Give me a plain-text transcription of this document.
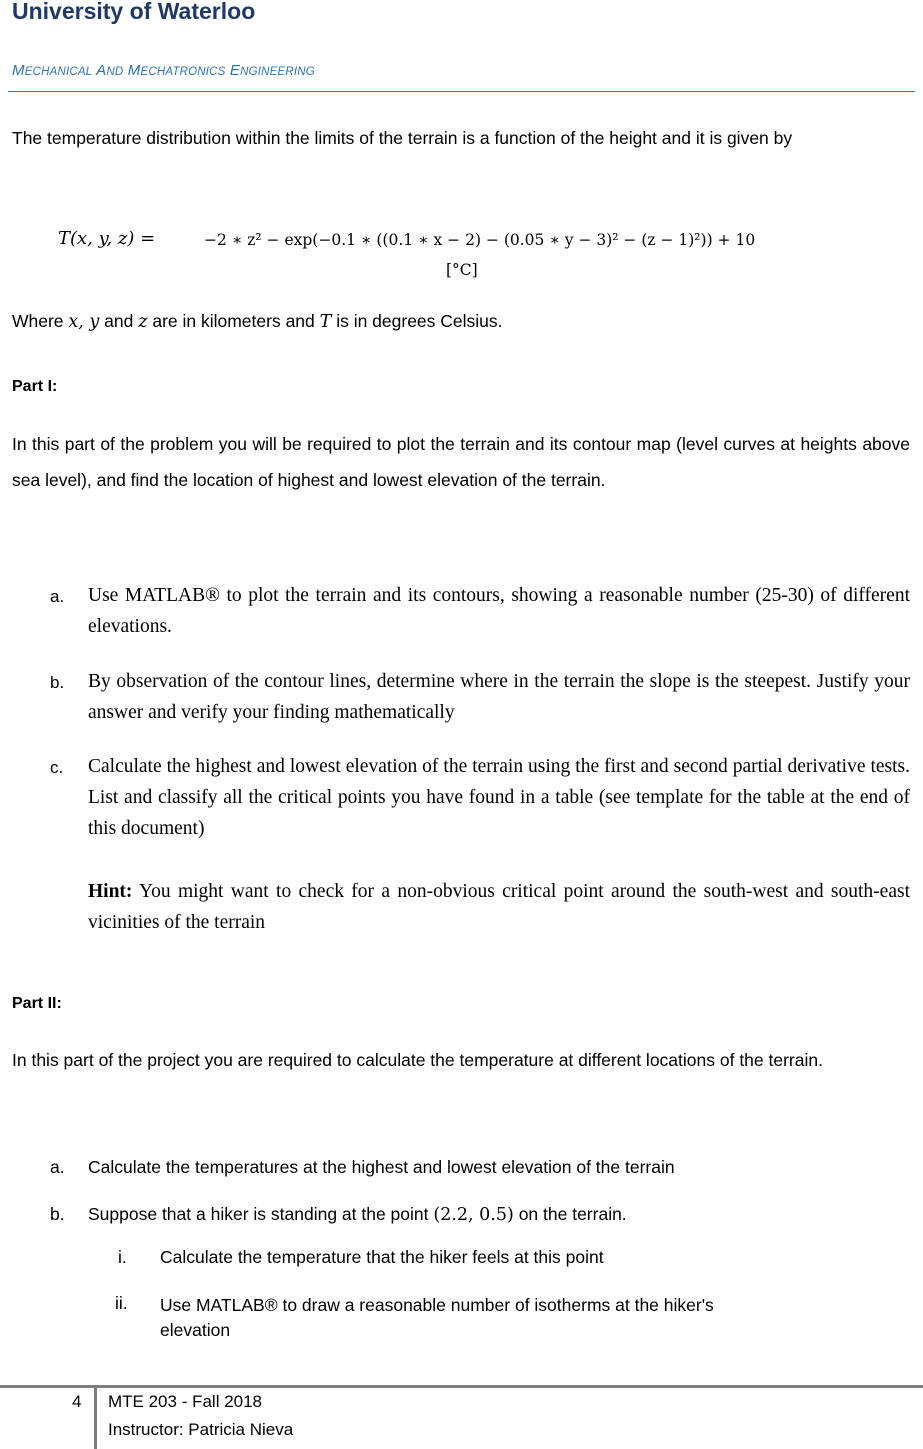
University of Waterloo
MECHANICAL AND MECHATRONICS ENGINEERING
The temperature distribution within the limits of the terrain is a function of the height and it is given by
T(x, y, z) =	−2 ∗ z² − exp(−0.1 ∗ ((0.1 ∗ x − 2) − (0.05 ∗ y − 3)² − (z − 1)²)) + 10
[°C]
Where x, y and z are in kilometers and T is in degrees Celsius.
Part I:
In this part of the problem you will be required to plot the terrain and its contour map (level curves at heights above sea level), and find the location of highest and lowest elevation of the terrain.
a. Use MATLAB® to plot the terrain and its contours, showing a reasonable number (25-30) of different elevations.
b. By observation of the contour lines, determine where in the terrain the slope is the steepest. Justify your answer and verify your finding mathematically
c. Calculate the highest and lowest elevation of the terrain using the first and second partial derivative tests. List and classify all the critical points you have found in a table (see template for the table at the end of this document)
Hint: You might want to check for a non-obvious critical point around the south-west and south-east vicinities of the terrain
Part II:
In this part of the project you are required to calculate the temperature at different locations of the terrain.
a. Calculate the temperatures at the highest and lowest elevation of the terrain
b. Suppose that a hiker is standing at the point (2.2, 0.5) on the terrain.
i. Calculate the temperature that the hiker feels at this point
ii. Use MATLAB® to draw a reasonable number of isotherms at the hiker's elevation
4 MTE 203 - Fall 2018
Instructor: Patricia Nieva
